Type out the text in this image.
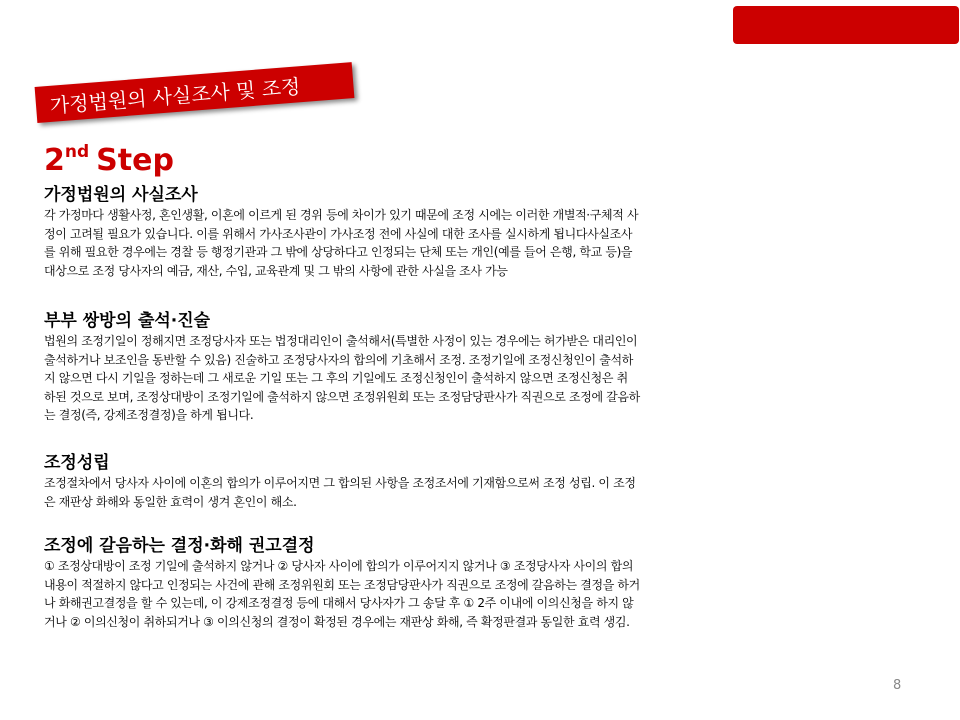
가정법원의 사실조사 및 조정
2nd Step
가정법원의 사실조사
각 가정마다 생활사정, 혼인생활, 이혼에 이르게 된 경위 등에 차이가 있기 때문에 조정 시에는 이러한 개별적·구체적 사
정이 고려될 필요가 있습니다. 이를 위해서 가사조사관이 가사조정 전에 사실에 대한 조사를 실시하게 됩니다사실조사
를 위해 필요한 경우에는 경찰 등 행정기관과 그 밖에 상당하다고 인정되는 단체 또는 개인(예를 들어 은행, 학교 등)을
대상으로 조정 당사자의 예금, 재산, 수입, 교육관계 및 그 밖의 사항에 관한 사실을 조사 가능
부부 쌍방의 출석·진술
법원의 조정기일이 정해지면 조정당사자 또는 법정대리인이 출석해서(특별한 사정이 있는 경우에는 허가받은 대리인이
출석하거나 보조인을 동반할 수 있음) 진술하고 조정당사자의 합의에 기초해서 조정. 조정기일에 조정신청인이 출석하
지 않으면 다시 기일을 정하는데 그 새로운 기일 또는 그 후의 기일에도 조정신청인이 출석하지 않으면 조정신청은 취
하된 것으로 보며, 조정상대방이 조정기일에 출석하지 않으면 조정위원회 또는 조정담당판사가 직권으로 조정에 갈음하
는 결정(즉, 강제조정결정)을 하게 됩니다.
조정성립
조정절차에서 당사자 사이에 이혼의 합의가 이루어지면 그 합의된 사항을 조정조서에 기재함으로써 조정 성립. 이 조정
은 재판상 화해와 동일한 효력이 생겨 혼인이 해소.
조정에 갈음하는 결정·화해 권고결정
① 조정상대방이 조정 기일에 출석하지 않거나 ② 당사자 사이에 합의가 이루어지지 않거나 ③ 조정당사자 사이의 합의
내용이 적절하지 않다고 인정되는 사건에 관해 조정위원회 또는 조정담당판사가 직권으로 조정에 갈음하는 결정을 하거
나 화해권고결정을 할 수 있는데, 이 강제조정결정 등에 대해서 당사자가 그 송달 후 ① 2주 이내에 이의신청을 하지 않
거나 ② 이의신청이 취하되거나 ③ 이의신청의 결정이 확정된 경우에는 재판상 화해, 즉 확정판결과 동일한 효력 생김.
8
